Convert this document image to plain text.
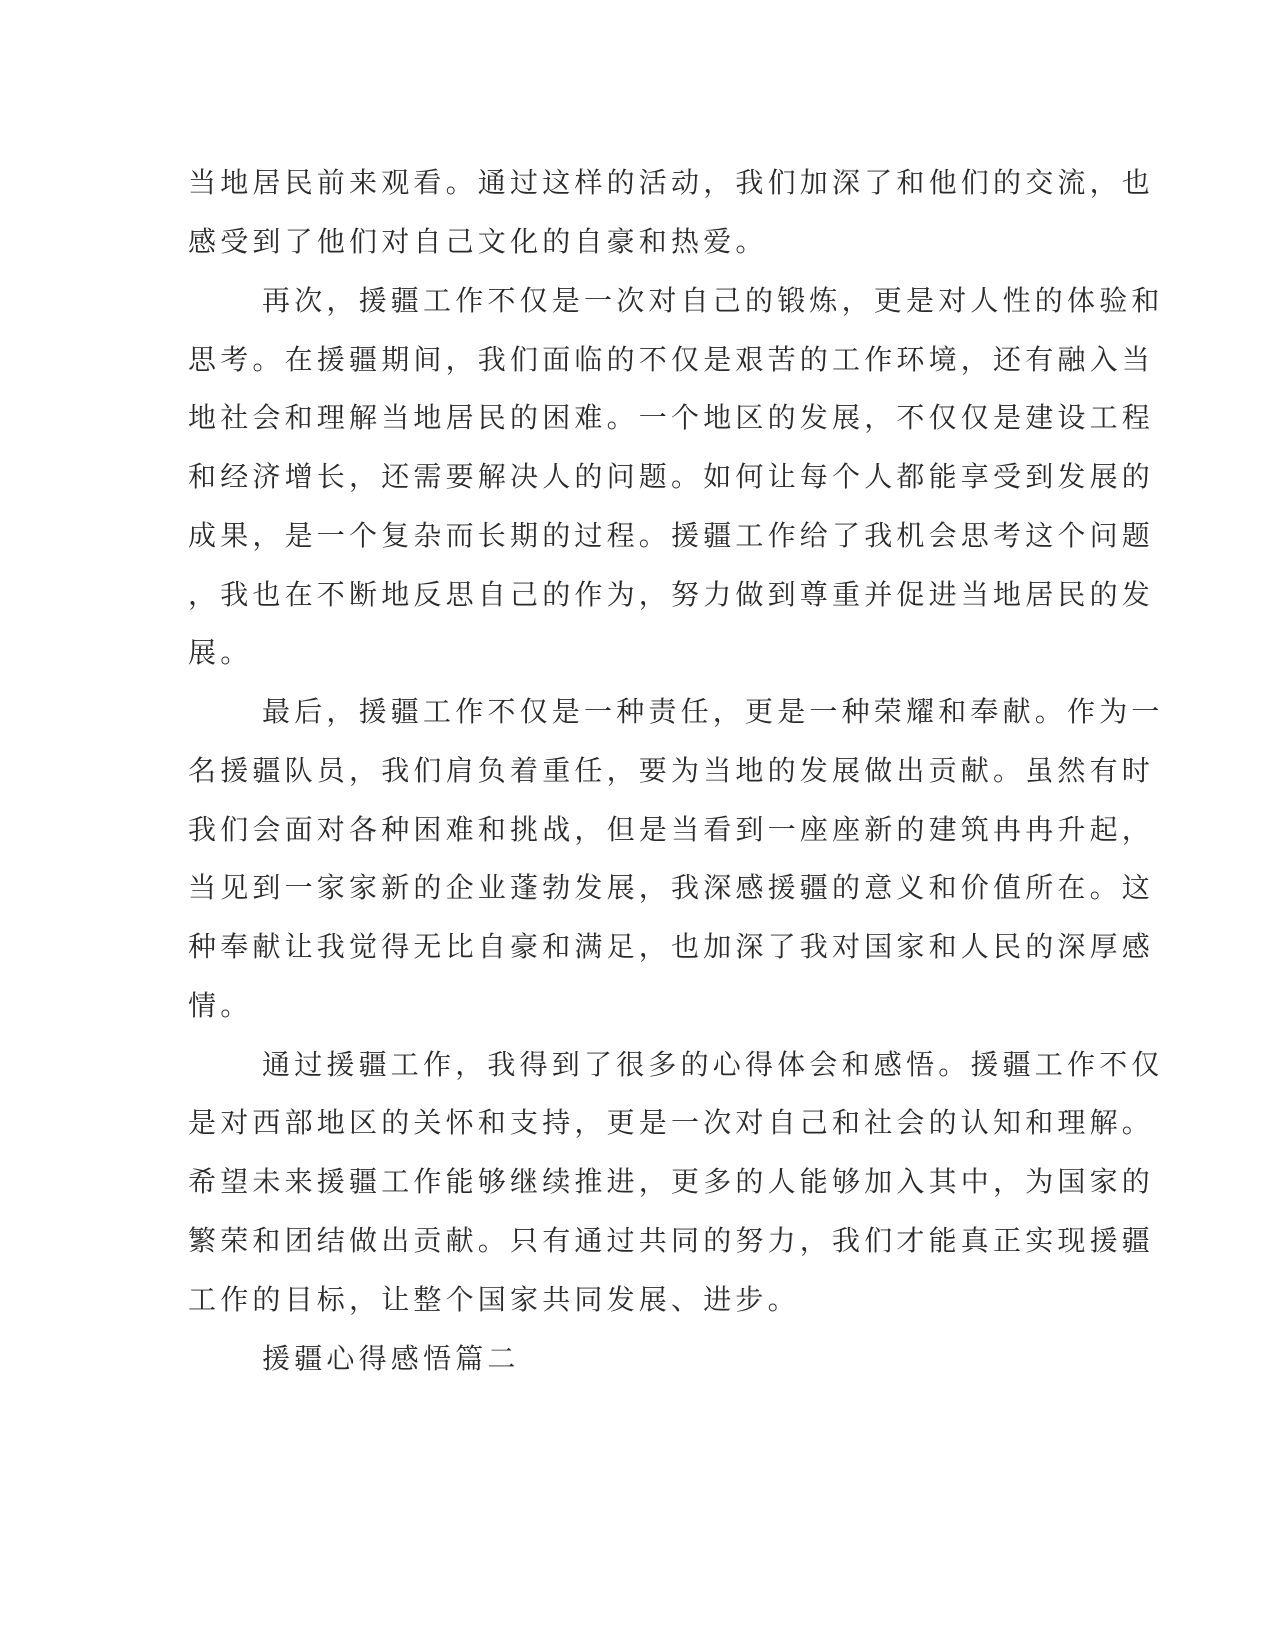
当地居民前来观看。通过这样的活动，我们加深了和他们的交流，也
感受到了他们对自己文化的自豪和热爱。
再次，援疆工作不仅是一次对自己的锻炼，更是对人性的体验和
思考。在援疆期间，我们面临的不仅是艰苦的工作环境，还有融入当
地社会和理解当地居民的困难。一个地区的发展，不仅仅是建设工程
和经济增长，还需要解决人的问题。如何让每个人都能享受到发展的
成果，是一个复杂而长期的过程。援疆工作给了我机会思考这个问题
，我也在不断地反思自己的作为，努力做到尊重并促进当地居民的发
展。
最后，援疆工作不仅是一种责任，更是一种荣耀和奉献。作为一
名援疆队员，我们肩负着重任，要为当地的发展做出贡献。虽然有时
我们会面对各种困难和挑战，但是当看到一座座新的建筑冉冉升起，
当见到一家家新的企业蓬勃发展，我深感援疆的意义和价值所在。这
种奉献让我觉得无比自豪和满足，也加深了我对国家和人民的深厚感
情。
通过援疆工作，我得到了很多的心得体会和感悟。援疆工作不仅
是对西部地区的关怀和支持，更是一次对自己和社会的认知和理解。
希望未来援疆工作能够继续推进，更多的人能够加入其中，为国家的
繁荣和团结做出贡献。只有通过共同的努力，我们才能真正实现援疆
工作的目标，让整个国家共同发展、进步。
援疆心得感悟篇二
